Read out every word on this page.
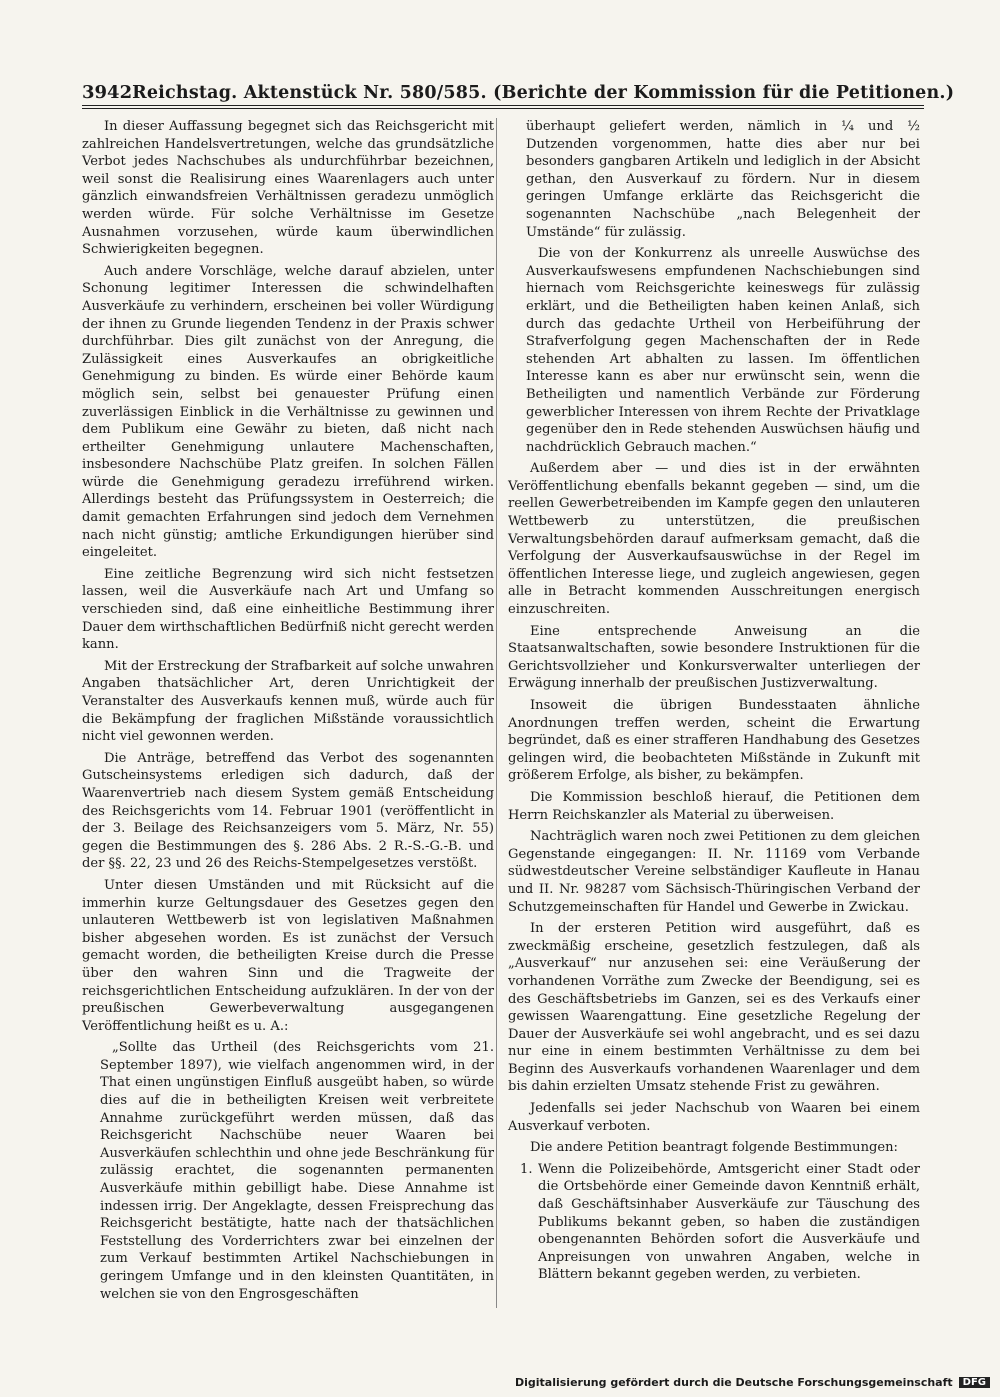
3942 Reichstag. Aktenstück Nr. 580/585. (Berichte der Kommission für die Petitionen.)

In dieser Auffassung begegnet sich das Reichsgericht mit zahlreichen Handelsvertretungen, welche das grundsätzliche Verbot jedes Nachschubes als undurchführbar bezeichnen, weil sonst die Realisirung eines Waarenlagers auch unter gänzlich einwandsfreien Verhältnissen geradezu unmöglich werden würde. Für solche Verhältnisse im Gesetze Ausnahmen vorzusehen, würde kaum überwindlichen Schwierigkeiten begegnen.

Auch andere Vorschläge, welche darauf abzielen, unter Schonung legitimer Interessen die schwindelhaften Ausverkäufe zu verhindern, erscheinen bei voller Würdigung der ihnen zu Grunde liegenden Tendenz in der Praxis schwer durchführbar. Dies gilt zunächst von der Anregung, die Zulässigkeit eines Ausverkaufes an obrigkeitliche Genehmigung zu binden. Es würde einer Behörde kaum möglich sein, selbst bei genauester Prüfung einen zuverlässigen Einblick in die Verhältnisse zu gewinnen und dem Publikum eine Gewähr zu bieten, daß nicht nach ertheilter Genehmigung unlautere Machenschaften, insbesondere Nachschübe Platz greifen. In solchen Fällen würde die Genehmigung geradezu irreführend wirken. Allerdings besteht das Prüfungssystem in Oesterreich; die damit gemachten Erfahrungen sind jedoch dem Vernehmen nach nicht günstig; amtliche Erkundigungen hierüber sind eingeleitet.

Eine zeitliche Begrenzung wird sich nicht festsetzen lassen, weil die Ausverkäufe nach Art und Umfang so verschieden sind, daß eine einheitliche Bestimmung ihrer Dauer dem wirthschaftlichen Bedürfniß nicht gerecht werden kann.

Mit der Erstreckung der Strafbarkeit auf solche unwahren Angaben thatsächlicher Art, deren Unrichtigkeit der Veranstalter des Ausverkaufs kennen muß, würde auch für die Bekämpfung der fraglichen Mißstände voraussichtlich nicht viel gewonnen werden.

Die Anträge, betreffend das Verbot des sogenannten Gutscheinsystems erledigen sich dadurch, daß der Waarenvertrieb nach diesem System gemäß Entscheidung des Reichsgerichts vom 14. Februar 1901 (veröffentlicht in der 3. Beilage des Reichsanzeigers vom 5. März, Nr. 55) gegen die Bestimmungen des §. 286 Abs. 2 R.-S.-G.-B. und der §§. 22, 23 und 26 des Reichs-Stempelgesetzes verstößt.

Unter diesen Umständen und mit Rücksicht auf die immerhin kurze Geltungsdauer des Gesetzes gegen den unlauteren Wettbewerb ist von legislativen Maßnahmen bisher abgesehen worden. Es ist zunächst der Versuch gemacht worden, die betheiligten Kreise durch die Presse über den wahren Sinn und die Tragweite der reichsgerichtlichen Entscheidung aufzuklären. In der von der preußischen Gewerbeverwaltung ausgegangenen Veröffentlichung heißt es u. A.:

„Sollte das Urtheil (des Reichsgerichts vom 21. September 1897), wie vielfach angenommen wird, in der That einen ungünstigen Einfluß ausgeübt haben, so würde dies auf die in betheiligten Kreisen weit verbreitete Annahme zurückgeführt werden müssen, daß das Reichsgericht Nachschübe neuer Waaren bei Ausverkäufen schlechthin und ohne jede Beschränkung für zulässig erachtet, die sogenannten permanenten Ausverkäufe mithin gebilligt habe. Diese Annahme ist indessen irrig. Der Angeklagte, dessen Freisprechung das Reichsgericht bestätigte, hatte nach der thatsächlichen Feststellung des Vorderrichters zwar bei einzelnen der zum Verkauf bestimmten Artikel Nachschiebungen in geringem Umfange und in den kleinsten Quantitäten, in welchen sie von den Engrosgeschäften

überhaupt geliefert werden, nämlich in ¼ und ½ Dutzenden vorgenommen, hatte dies aber nur bei besonders gangbaren Artikeln und lediglich in der Absicht gethan, den Ausverkauf zu fördern. Nur in diesem geringen Umfange erklärte das Reichsgericht die sogenannten Nachschübe „nach Belegenheit der Umstände“ für zulässig.

Die von der Konkurrenz als unreelle Auswüchse des Ausverkaufswesens empfundenen Nachschiebungen sind hiernach vom Reichsgerichte keineswegs für zulässig erklärt, und die Betheiligten haben keinen Anlaß, sich durch das gedachte Urtheil von Herbeiführung der Strafverfolgung gegen Machenschaften der in Rede stehenden Art abhalten zu lassen. Im öffentlichen Interesse kann es aber nur erwünscht sein, wenn die Betheiligten und namentlich Verbände zur Förderung gewerblicher Interessen von ihrem Rechte der Privatklage gegenüber den in Rede stehenden Auswüchsen häufig und nachdrücklich Gebrauch machen.“

Außerdem aber — und dies ist in der erwähnten Veröffentlichung ebenfalls bekannt gegeben — sind, um die reellen Gewerbetreibenden im Kampfe gegen den unlauteren Wettbewerb zu unterstützen, die preußischen Verwaltungsbehörden darauf aufmerksam gemacht, daß die Verfolgung der Ausverkaufsauswüchse in der Regel im öffentlichen Interesse liege, und zugleich angewiesen, gegen alle in Betracht kommenden Ausschreitungen energisch einzuschreiten.

Eine entsprechende Anweisung an die Staatsanwaltschaften, sowie besondere Instruktionen für die Gerichtsvollzieher und Konkursverwalter unterliegen der Erwägung innerhalb der preußischen Justizverwaltung.

Insoweit die übrigen Bundesstaaten ähnliche Anordnungen treffen werden, scheint die Erwartung begründet, daß es einer strafferen Handhabung des Gesetzes gelingen wird, die beobachteten Mißstände in Zukunft mit größerem Erfolge, als bisher, zu bekämpfen.

Die Kommission beschloß hierauf, die Petitionen dem Herrn Reichskanzler als Material zu überweisen.

Nachträglich waren noch zwei Petitionen zu dem gleichen Gegenstande eingegangen: II. Nr. 11169 vom Verbande südwestdeutscher Vereine selbständiger Kaufleute in Hanau und II. Nr. 98287 vom Sächsisch-Thüringischen Verband der Schutzgemeinschaften für Handel und Gewerbe in Zwickau.

In der ersteren Petition wird ausgeführt, daß es zweckmäßig erscheine, gesetzlich festzulegen, daß als „Ausverkauf“ nur anzusehen sei: eine Veräußerung der vorhandenen Vorräthe zum Zwecke der Beendigung, sei es des Geschäftsbetriebs im Ganzen, sei es des Verkaufs einer gewissen Waarengattung. Eine gesetzliche Regelung der Dauer der Ausverkäufe sei wohl angebracht, und es sei dazu nur eine in einem bestimmten Verhältnisse zu dem bei Beginn des Ausverkaufs vorhandenen Waarenlager und dem bis dahin erzielten Umsatz stehende Frist zu gewähren.

Jedenfalls sei jeder Nachschub von Waaren bei einem Ausverkauf verboten.

Die andere Petition beantragt folgende Bestimmungen:

1. Wenn die Polizeibehörde, Amtsgericht einer Stadt oder die Ortsbehörde einer Gemeinde davon Kenntniß erhält, daß Geschäftsinhaber Ausverkäufe zur Täuschung des Publikums bekannt geben, so haben die zuständigen obengenannten Behörden sofort die Ausverkäufe und Anpreisungen von unwahren Angaben, welche in Blättern bekannt gegeben werden, zu verbieten.
Digitalisierung gefördert durch die Deutsche Forschungsgemeinschaft	DFG
